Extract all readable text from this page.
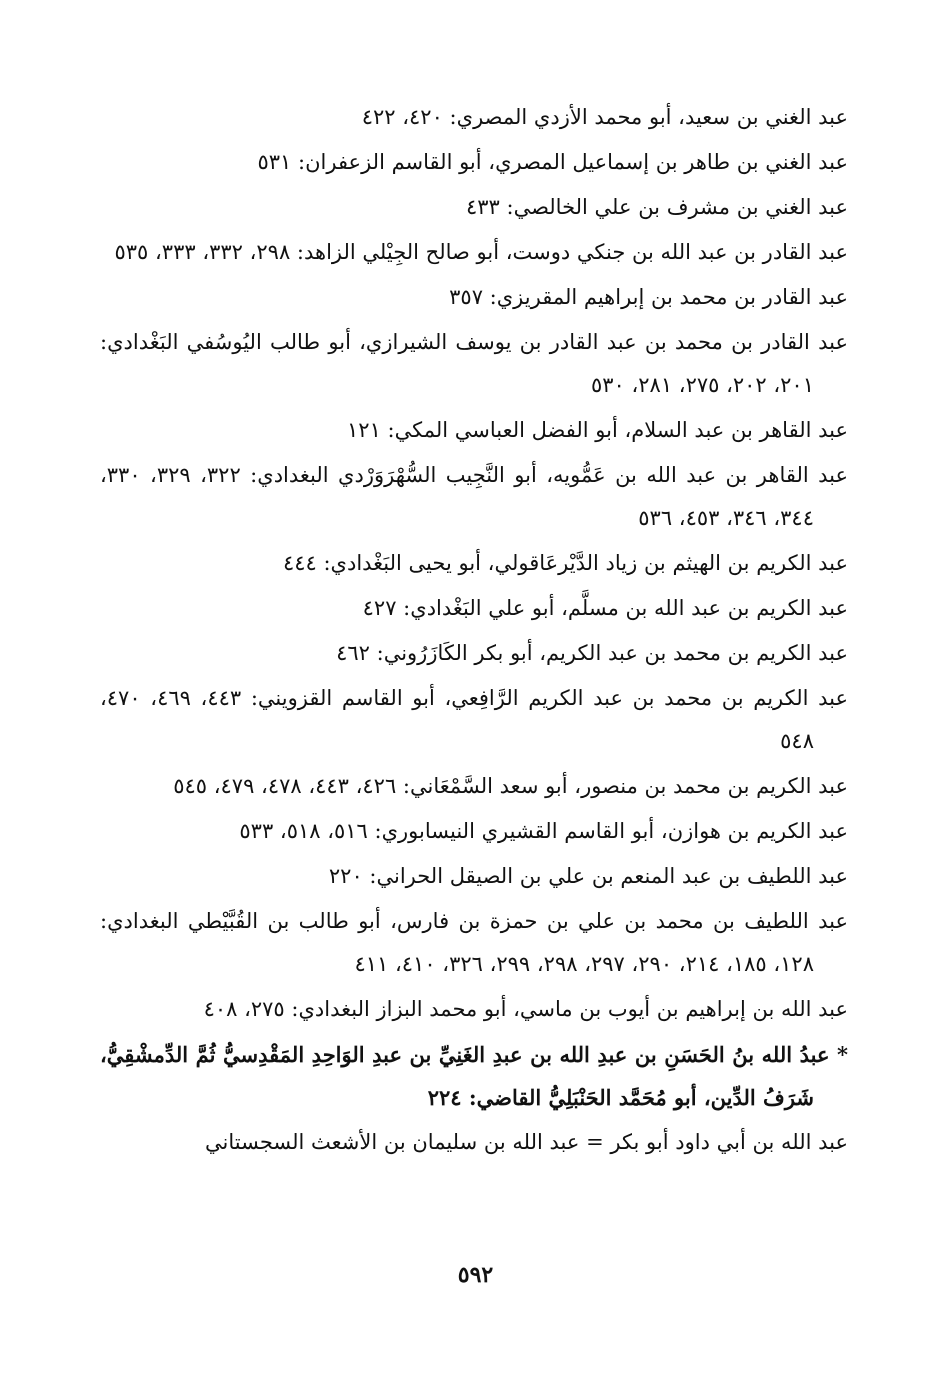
عبد الغني بن سعيد، أبو محمد الأزدي المصري: ٤٢٠، ٤٢٢
عبد الغني بن طاهر بن إسماعيل المصري، أبو القاسم الزعفران: ٥٣١
عبد الغني بن مشرف بن علي الخالصي: ٤٣٣
عبد القادر بن عبد الله بن جنكي دوست، أبو صالح الجِيْلي الزاهد: ٢٩٨، ٣٣٢، ٣٣٣، ٥٣٥
عبد القادر بن محمد بن إبراهيم المقريزي: ٣٥٧
عبد القادر بن محمد بن عبد القادر بن يوسف الشيرازي، أبو طالب اليُوسُفي البَغْدادي: ٢٠١، ٢٠٢، ٢٧٥، ٢٨١، ٥٣٠
عبد القاهر بن عبد السلام، أبو الفضل العباسي المكي: ١٢١
عبد القاهر بن عبد الله بن عَمُّويه، أبو النَّجِيب السُّهْرَوَرْدي البغدادي: ٣٢٢، ٣٢٩، ٣٣٠، ٣٤٤، ٣٤٦، ٤٥٣، ٥٣٦
عبد الكريم بن الهيثم بن زياد الدَّيْرعَاقولي، أبو يحيى البَغْدادي: ٤٤٤
عبد الكريم بن عبد الله بن مسلَّم، أبو علي البَغْدادي: ٤٢٧
عبد الكريم بن محمد بن عبد الكريم، أبو بكر الكَازَرُوني: ٤٦٢
عبد الكريم بن محمد بن عبد الكريم الرَّافِعي، أبو القاسم القزويني: ٤٤٣، ٤٦٩، ٤٧٠، ٥٤٨
عبد الكريم بن محمد بن منصور، أبو سعد السَّمْعَاني: ٤٢٦، ٤٤٣، ٤٧٨، ٤٧٩، ٥٤٥
عبد الكريم بن هوازن، أبو القاسم القشيري النيسابوري: ٥١٦، ٥١٨، ٥٣٣
عبد اللطيف بن عبد المنعم بن علي بن الصيقل الحراني: ٢٢٠
عبد اللطيف بن محمد بن علي بن حمزة بن فارس، أبو طالب بن القُبَّيْطي البغدادي: ١٢٨، ١٨٥، ٢١٤، ٢٩٠، ٢٩٧، ٢٩٨، ٢٩٩، ٣٢٦، ٤١٠، ٤١١
عبد الله بن إبراهيم بن أيوب بن ماسي، أبو محمد البزاز البغدادي: ٢٧٥، ٤٠٨
* عبدُ الله بنُ الحَسَنِ بن عبدِ الله بن عبدِ الغَنِيِّ بن عبدِ الوَاحِدِ المَقْدِسيُّ ثُمَّ الدِّمشْقِيُّ، شَرَفُ الدِّين، أبو مُحَمَّد الحَنْبَلِيُّ القاضي: ٢٢٤
عبد الله بن أبي داود أبو بكر = عبد الله بن سليمان بن الأشعث السجستاني
٥٩٢
